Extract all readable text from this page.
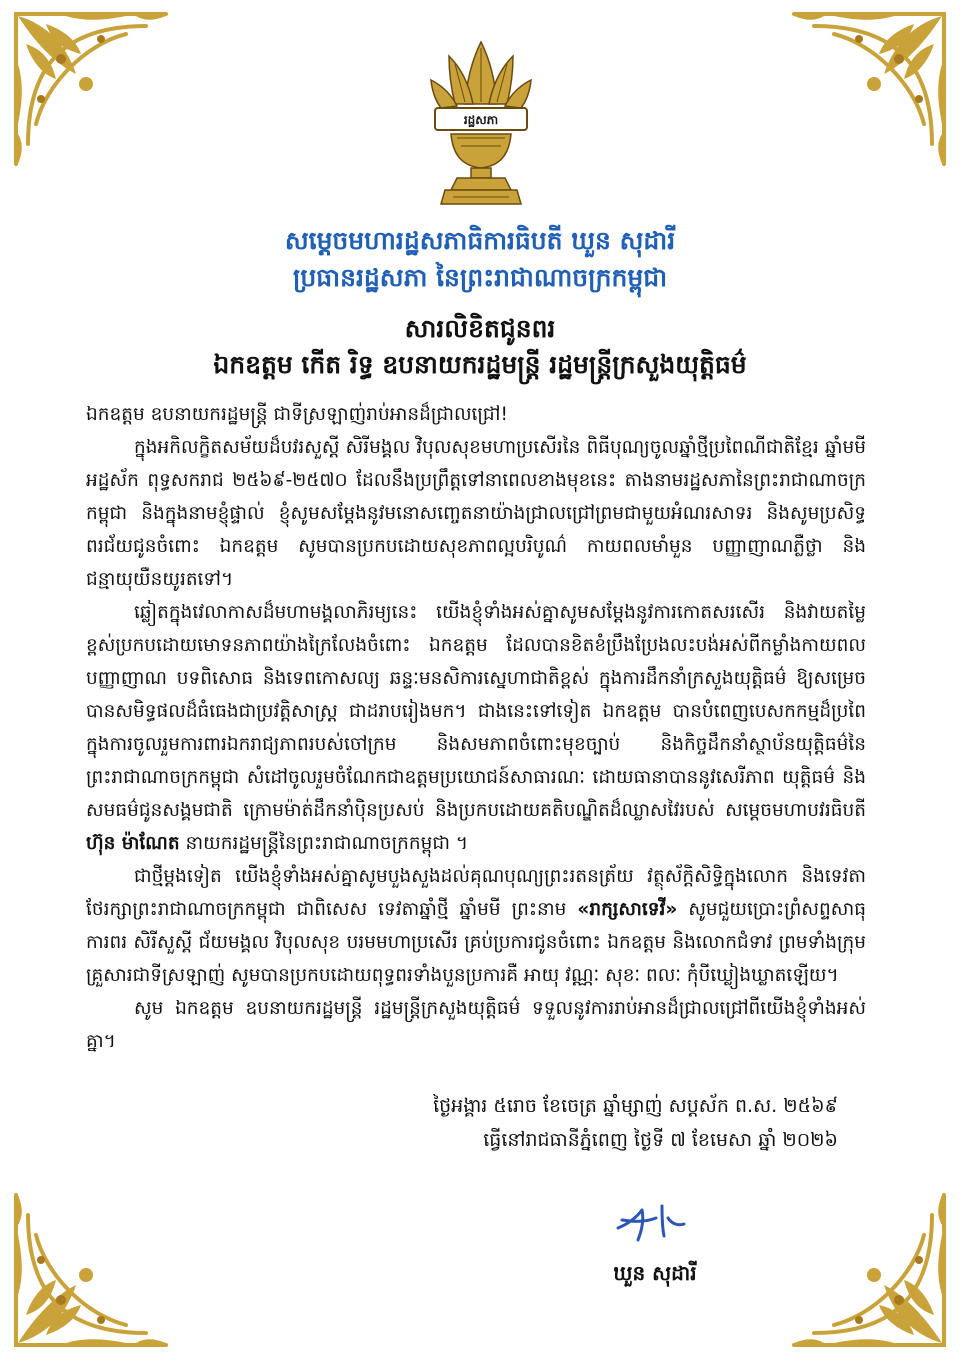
រដ្ឋសភា
សម្តេចមហារដ្ឋសភាធិការធិបតី ឃួន សុដារី
ប្រធានរដ្ឋសភា នៃព្រះរាជាណាចក្រកម្ពុជា
សារលិខិតជូនពរ
ឯកឧត្តម កើត រិទ្ធ ឧបនាយករដ្ឋមន្ត្រី រដ្ឋមន្ត្រីក្រសួងយុត្តិធម៌

ឯកឧត្តម ឧបនាយករដ្ឋមន្ត្រី ជាទីស្រឡាញ់រាប់អានដ៏ជ្រាលជ្រៅ!

ក្នុងអកិលក្ខិតសម័យដ៏បវរសួស្តី សិរីមង្គល វិបុលសុខមហាប្រសើរនៃ ពិធីបុណ្យចូលឆ្នាំថ្មីប្រពៃណីជាតិខ្មែរ ឆ្នាំមមី អដ្ឋស័ក ពុទ្ធសករាជ ២៥៦៩-២៥៧០ ដែលនឹងប្រព្រឹត្តទៅនាពេលខាងមុខនេះ តាងនាមរដ្ឋសភានៃព្រះរាជាណាចក្រកម្ពុជា និងក្នុងនាមខ្ញុំផ្ទាល់ ខ្ញុំសូមសម្តែងនូវមនោសញ្ចេតនាយ៉ាងជ្រាលជ្រៅព្រមជាមួយអំណរសាទរ និងសូមប្រសិទ្ធពរជ័យជូនចំពោះ ឯកឧត្តម សូមបានប្រកបដោយសុខភាពល្អបរិបូណ៌ កាយពលមាំមួន បញ្ញាញាណភ្លឺថ្លា និងជន្មាយុយឺនយូរតទៅ។

ឆ្លៀតក្នុងវេលាកាសដ៏មហាមង្គលាភិរម្យនេះ យើងខ្ញុំទាំងអស់គ្នាសូមសម្តែងនូវការកោតសរសើរ និងវាយតម្លៃខ្ពស់ប្រកបដោយមោទនភាពយ៉ាងក្រៃលែងចំពោះ ឯកឧត្តម ដែលបានខិតខំប្រឹងប្រែងលះបង់អស់ពីកម្លាំងកាយពល បញ្ញាញាណ បទពិសោធ និងទេពកោសល្យ ឆន្ទៈមនសិការស្នេហាជាតិខ្ពស់ ក្នុងការដឹកនាំក្រសួងយុត្តិធម៌ ឱ្យសម្រេចបានសមិទ្ធផលដ៏ធំធេងជាប្រវត្តិសាស្ត្រ ជាដរាបរៀងមក។ ជាងនេះទៅទៀត ឯកឧត្តម បានបំពេញបេសកកម្មដ៏ប្រពៃក្នុងការចូលរួមការពារឯករាជ្យភាពរបស់ចៅក្រម និងសមភាពចំពោះមុខច្បាប់ និងកិច្ចដឹកនាំស្ថាប័នយុត្តិធម៌នៃព្រះរាជាណាចក្រកម្ពុជា សំដៅចូលរួមចំណែកជាឧត្តមប្រយោជន៍សាធារណៈ ដោយធានាបាននូវសេរីភាព យុត្តិធម៌ និងសមធម៌ជូនសង្គមជាតិ ក្រោមម៉ាត់ដឹកនាំប៉ិនប្រសប់ និងប្រកបដោយគតិបណ្ឌិតដ៏ឈ្លាសវៃរបស់ សម្តេចមហាបវរធិបតី ហ៊ុន ម៉ាណែត នាយករដ្ឋមន្ត្រីនៃព្រះរាជាណាចក្រកម្ពុជា ។

ជាថ្មីម្តងទៀត យើងខ្ញុំទាំងអស់គ្នាសូមបួងសួងដល់គុណបុណ្យព្រះរតនត្រ័យ វត្ថុស័ក្តិសិទ្ធិក្នុងលោក និងទេវតាថែរក្សាព្រះរាជាណាចក្រកម្ពុជា ជាពិសេស ទេវតាឆ្នាំថ្មី ឆ្នាំមមី ព្រះនាម «រាក្សសាទេវី» សូមជួយប្រោះព្រំសព្ទសាធុការពរ សិរីសួស្តី ជ័យមង្គល វិបុលសុខ បរមមហាប្រសើរ គ្រប់ប្រការជូនចំពោះ ឯកឧត្តម និងលោកជំទាវ ព្រមទាំងក្រុមគ្រួសារជាទីស្រឡាញ់ សូមបានប្រកបដោយពុទ្ធពរទាំងបួនប្រការគឺ អាយុ វណ្ណៈ សុខៈ ពលៈ កុំបីឃ្លៀងឃ្លាតឡើយ។

សូម ឯកឧត្តម ឧបនាយករដ្ឋមន្ត្រី រដ្ឋមន្ត្រីក្រសួងយុត្តិធម៌ ទទួលនូវការរាប់អានដ៏ជ្រាលជ្រៅពីយើងខ្ញុំទាំងអស់គ្នា។

ថ្ងៃអង្គារ ៥រោច ខែចេត្រ ឆ្នាំម្សាញ់ សប្តស័ក ព.ស. ២៥៦៩
ធ្វើនៅរាជធានីភ្នំពេញ ថ្ងៃទី ៧ ខែមេសា ឆ្នាំ ២០២៦
ឃួន សុដារី
